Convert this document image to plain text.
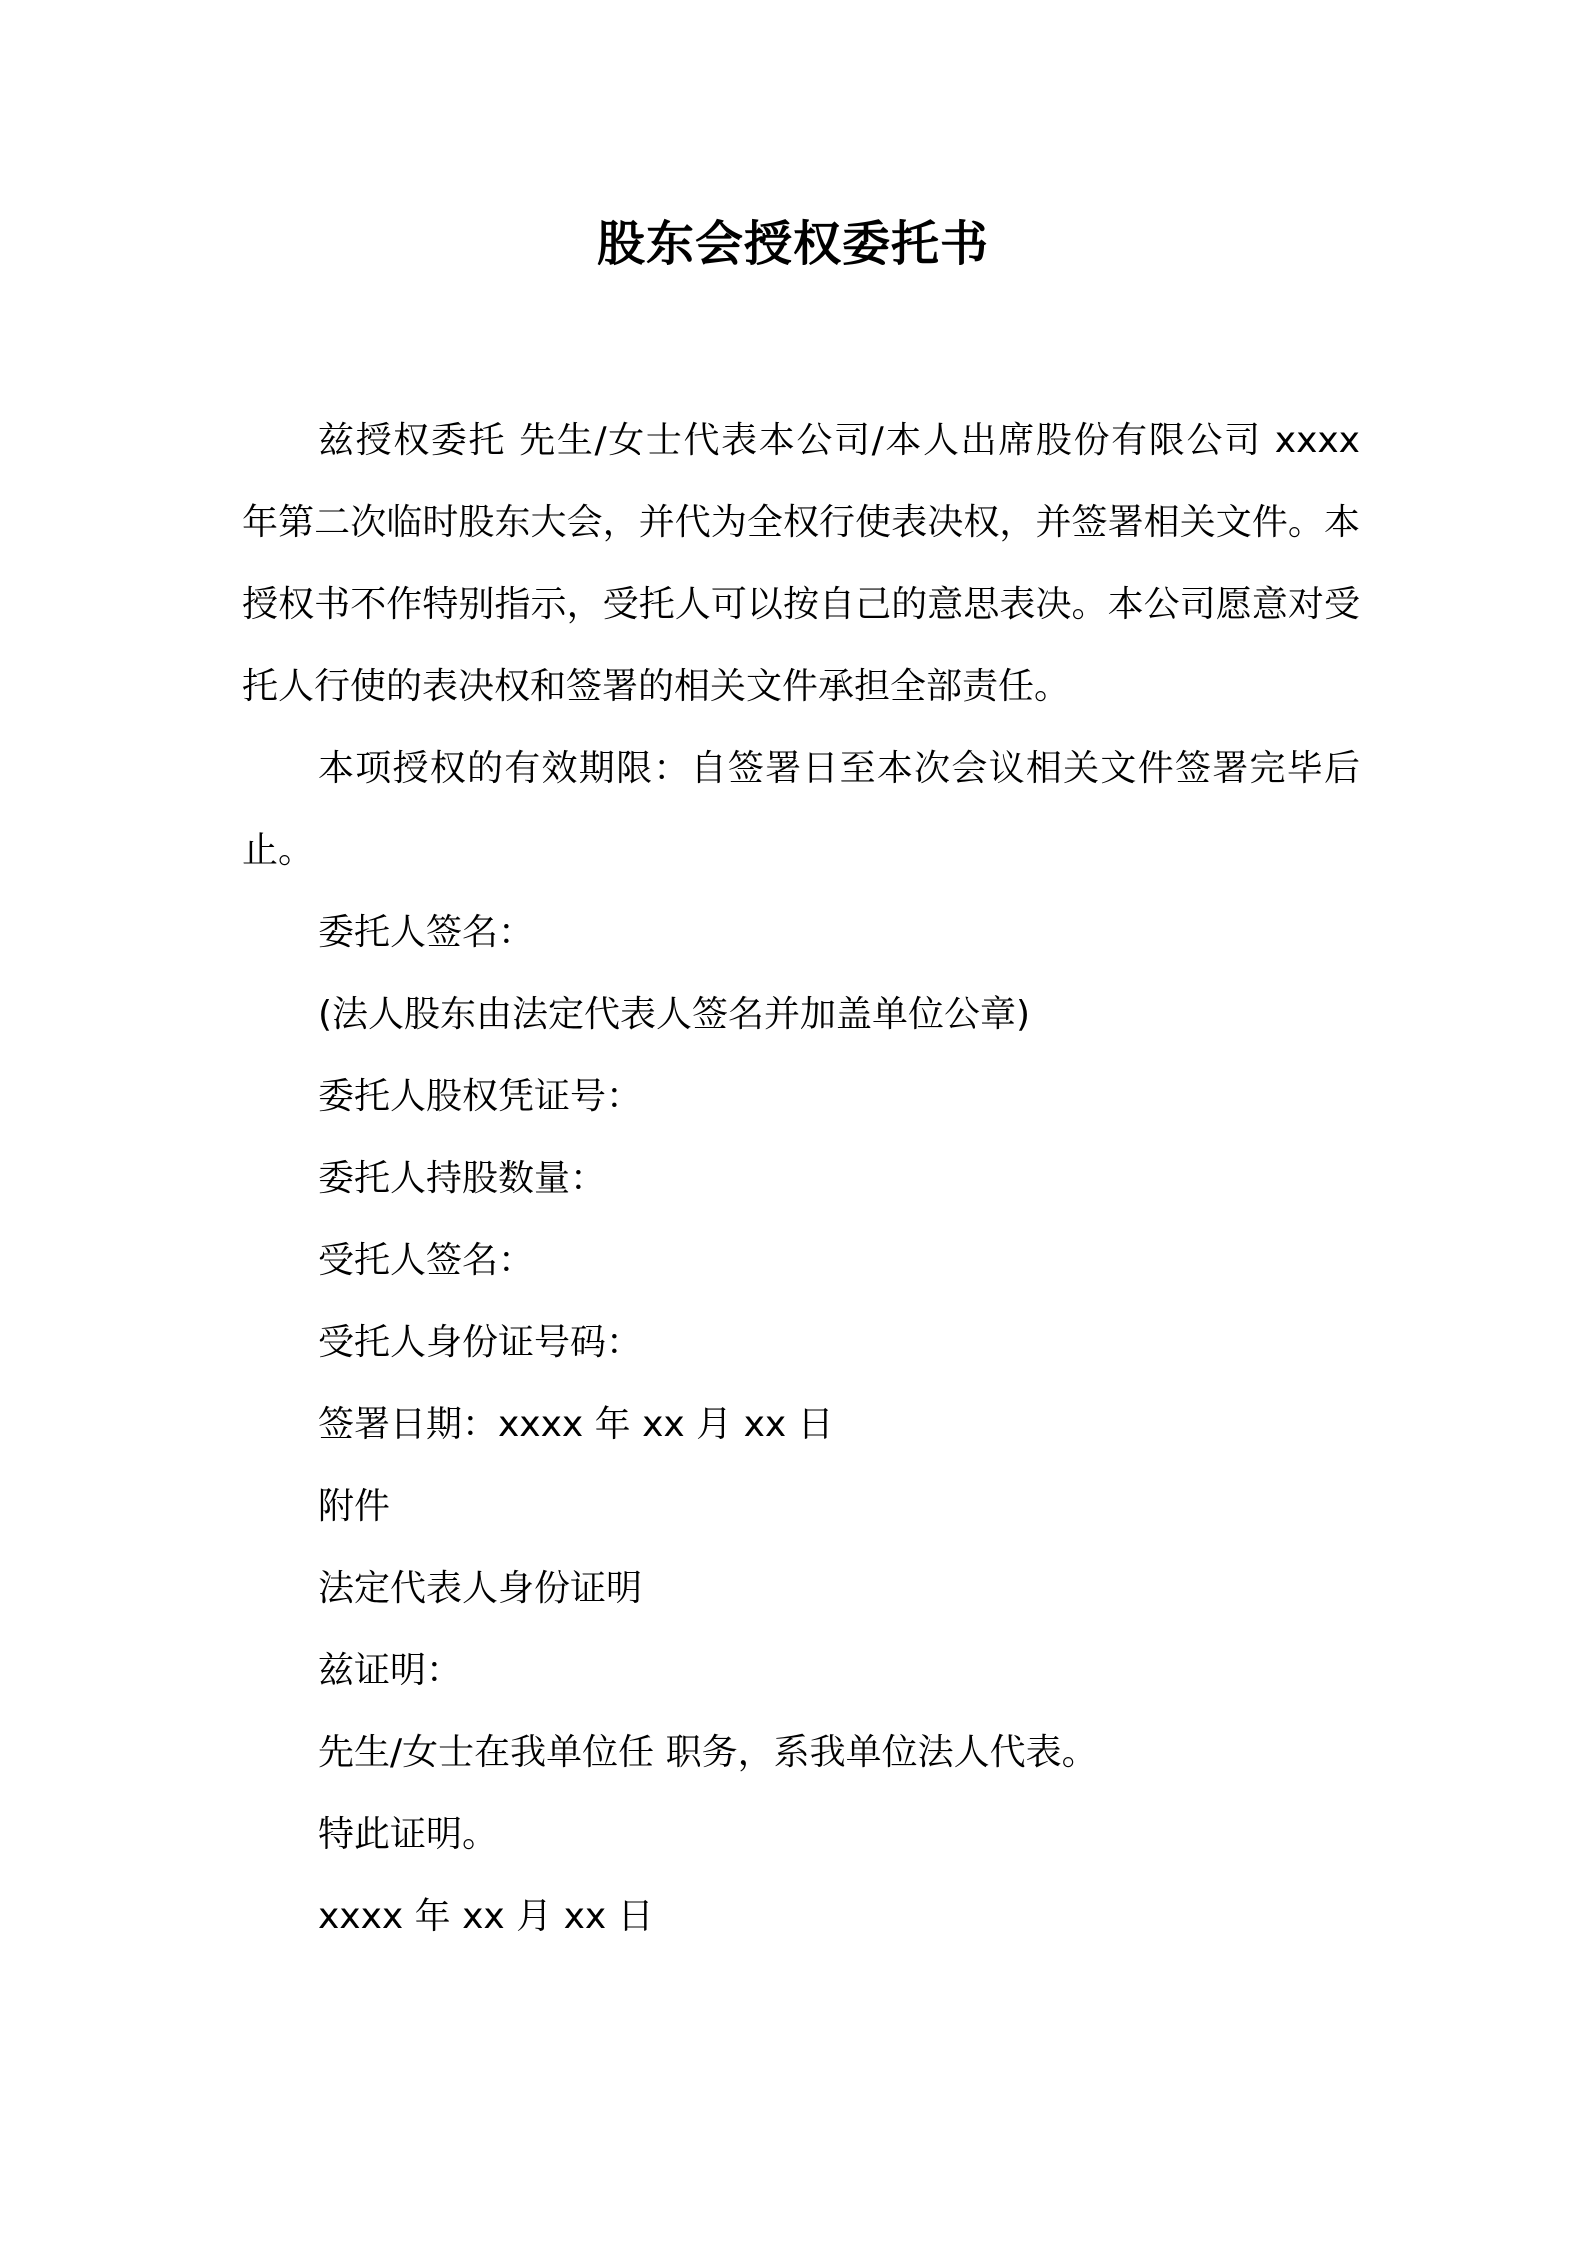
股东会授权委托书

兹授权委托 先生/女士代表本公司/本人出席股份有限公司 xxxx 年第二次临时股东大会，并代为全权行使表决权，并签署相关文件。本授权书不作特别指示，受托人可以按自己的意思表决。本公司愿意对受托人行使的表决权和签署的相关文件承担全部责任。

本项授权的有效期限：自签署日至本次会议相关文件签署完毕后止。

委托人签名：

(法人股东由法定代表人签名并加盖单位公章)

委托人股权凭证号：

委托人持股数量：

受托人签名：

受托人身份证号码：

签署日期：xxxx 年 xx 月 xx 日

附件

法定代表人身份证明

兹证明：

先生/女士在我单位任 职务，系我单位法人代表。

特此证明。

xxxx 年 xx 月 xx 日
